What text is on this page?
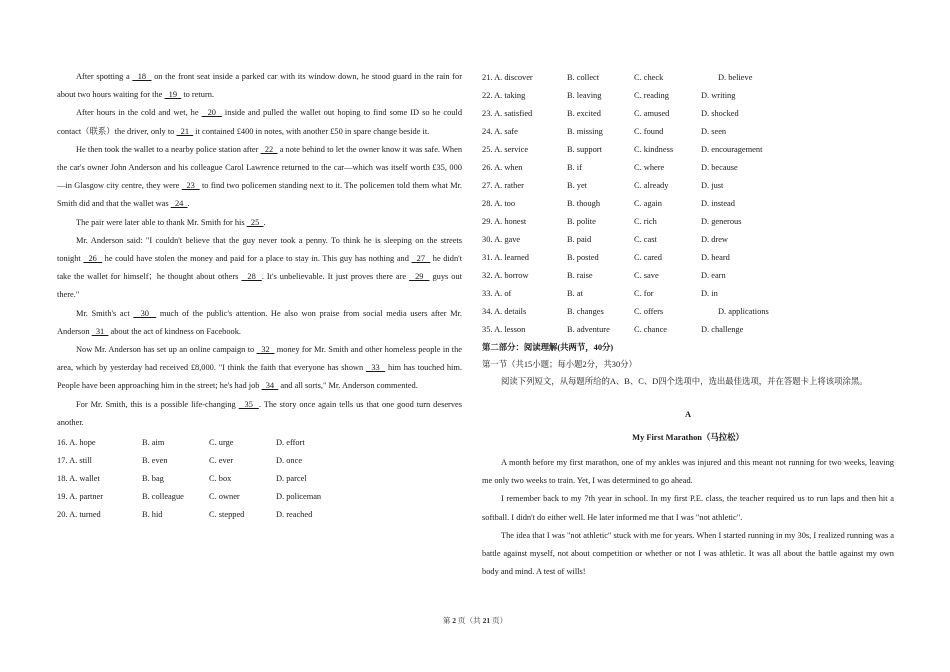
After spotting a   18   on the front seat inside a parked car with its window down, he stood guard in the rain for about two hours waiting for the   19   to return.

After hours in the cold and wet, he   20   inside and pulled the wallet out hoping to find some ID so he could contact（联系）the driver, only to   21   it contained £400 in notes, with another £50 in spare change beside it.

He then took the wallet to a nearby police station after   22   a note behind to let the owner know it was safe. When the car's owner John Anderson and his colleague Carol Lawrence returned to the car—which was itself worth £35, 000—in Glasgow city centre, they were   23   to find two policemen standing next to it. The policemen told them what Mr. Smith did and that the wallet was   24  .

The pair were later able to thank Mr. Smith for his   25  .

Mr. Anderson said: "I couldn't believe that the guy never took a penny. To think he is sleeping on the streets tonight   26   he could have stolen the money and paid for a place to stay in. This guy has nothing and   27   he didn't take the wallet for himself；he thought about others   28  . It's unbelievable. It just proves there are   29   guys out there."

Mr. Smith's act   30   much of the public's attention. He also won praise from social media users after Mr. Anderson   31   about the act of kindness on Facebook.

Now Mr. Anderson has set up an online campaign to   32   money for Mr. Smith and other homeless people in the area, which by yesterday had received £8,000. "I think the faith that everyone has shown   33   him has touched him. People have been approaching him in the street; he's had job   34   and all sorts," Mr. Anderson commented.

For Mr. Smith, this is a possible life-changing   35  . The story once again tells us that one good turn deserves another.

16. A. hope	B. aim	C. urge	D. effort
17. A. still	B. even	C. ever	D. once
18. A. wallet	B. bag	C. box	D. parcel
19. A. partner	B. colleague	C. owner	D. policeman
20. A. turned	B. hid	C. stepped	D. reached
21. A. discover	B. collect	C. check	D. believe
22. A. taking	B. leaving	C. reading	D. writing
23. A. satisfied	B. excited	C. amused	D. shocked
24. A. safe	B. missing	C. found	D. seen
25. A. service	B. support	C. kindness	D. encouragement
26. A. when	B. if	C. where	D. because
27. A. rather	B. yet	C. already	D. just
28. A. too	B. though	C. again	D. instead
29. A. honest	B. polite	C. rich	D. generous
30. A. gave	B. paid	C. cast	D. drew
31. A. learned	B. posted	C. cared	D. heard
32. A. borrow	B. raise	C. save	D. earn
33. A. of	B. at	C. for	D. in
34. A. details	B. changes	C. offers	D. applications
35. A. lesson	B. adventure	C. chance	D. challenge

第二部分：阅读理解(共两节，40分)

第一节（共15小题；每小题2分，共30分）

阅读下列短文，从每题所给的A、B、C、D四个选项中，选出最佳选项，并在答题卡上将该项涂黑。

A

My First Marathon（马拉松）

A month before my first marathon, one of my ankles was injured and this meant not running for two weeks, leaving me only two weeks to train. Yet, I was determined to go ahead.

I remember back to my 7th year in school. In my first P.E. class, the teacher required us to run laps and then hit a softball. I didn't do either well. He later informed me that I was "not athletic".

The idea that I was "not athletic" stuck with me for years. When I started running in my 30s, I realized running was a battle against myself, not about competition or whether or not I was athletic. It was all about the battle against my own body and mind. A test of wills!

第 2 页（共 21 页）
